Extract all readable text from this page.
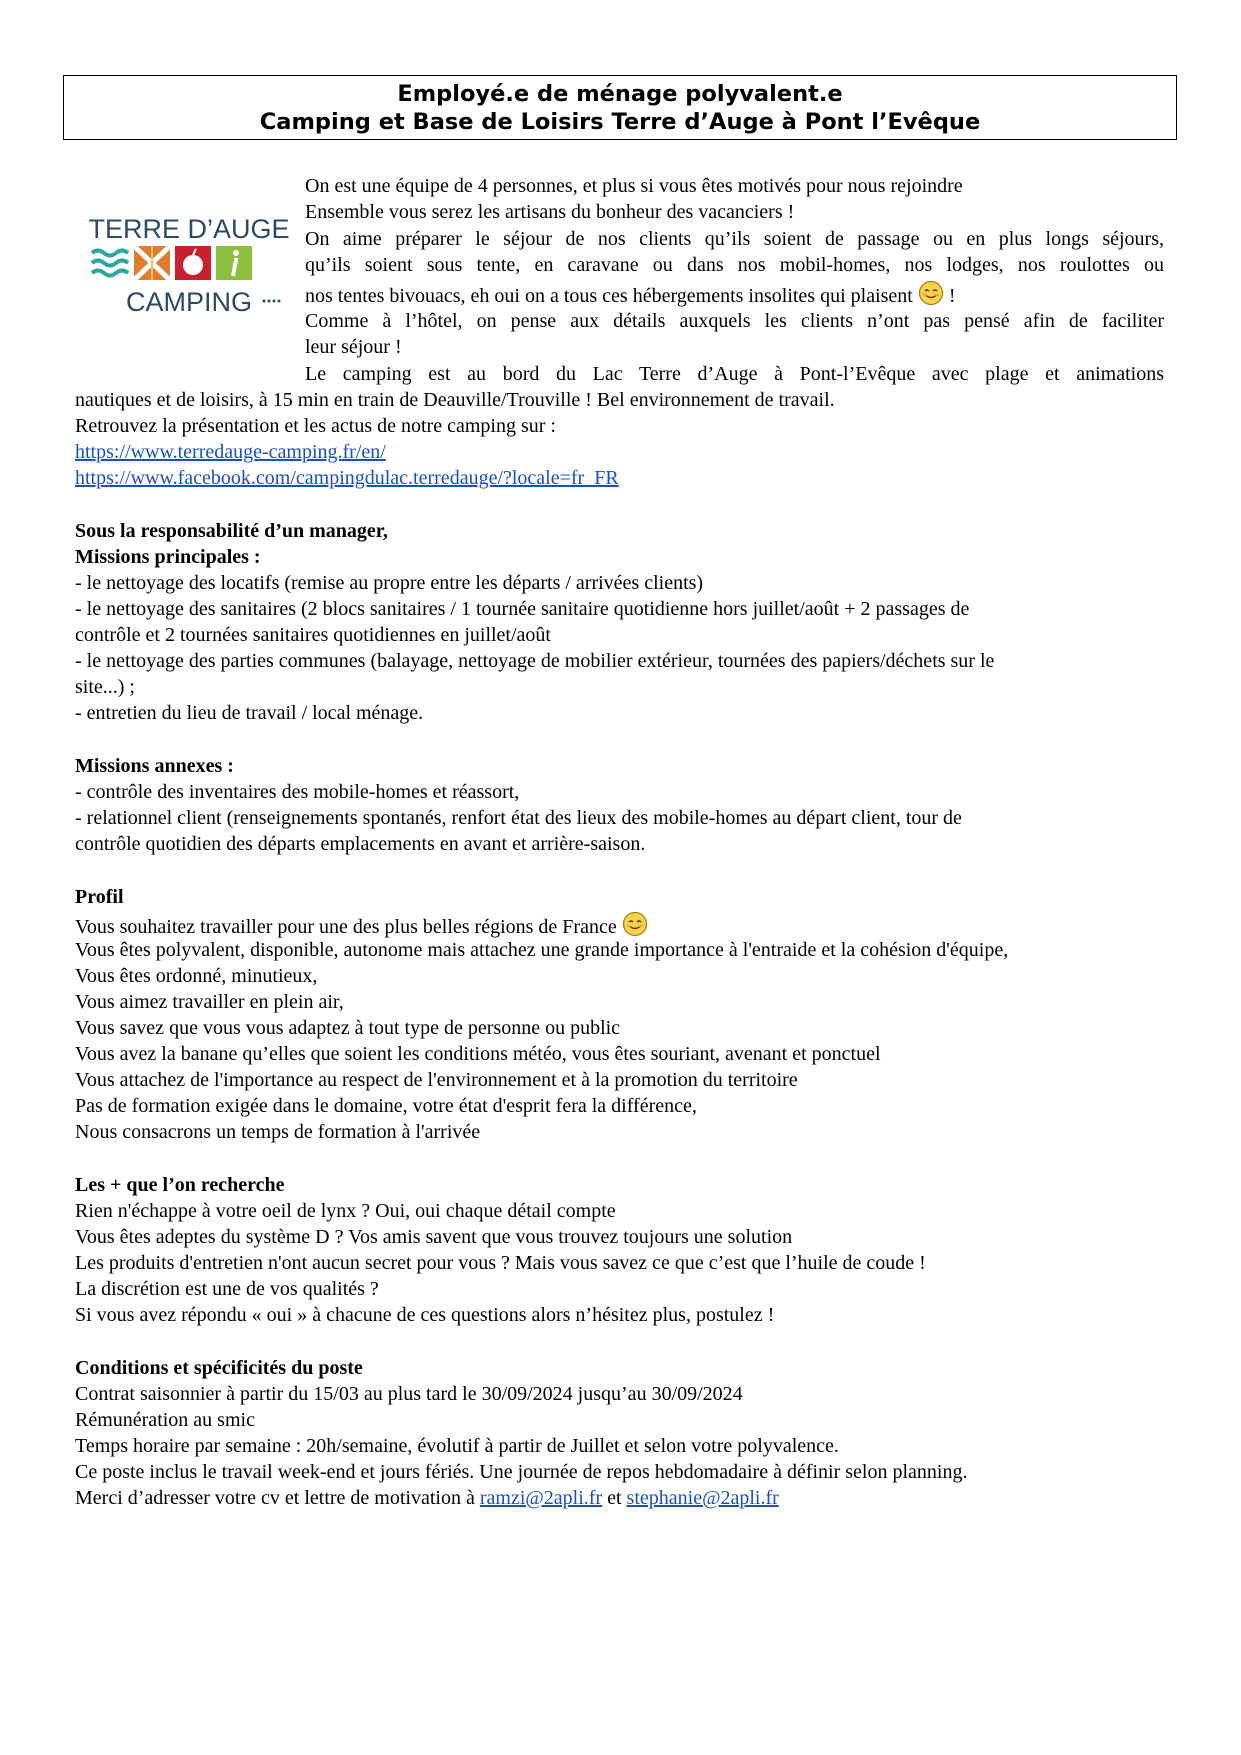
Employé.e de ménage polyvalent.e
Camping et Base de Loisirs Terre d’Auge à Pont l’Evêque
TERRE D’AUGE
CAMPING
On est une équipe de 4 personnes, et plus si vous êtes motivés pour nous rejoindre
Ensemble vous serez les artisans du bonheur des vacanciers !
On aime préparer le séjour de nos clients qu’ils soient de passage ou en plus longs séjours,
qu’ils soient sous tente, en caravane ou dans nos mobil-homes, nos lodges, nos roulottes ou
nos tentes bivouacs, eh oui on a tous ces hébergements insolites qui plaisent !
Comme à l’hôtel, on pense aux détails auxquels les clients n’ont pas pensé afin de faciliter
leur séjour !
Le camping est au bord du Lac Terre d’Auge à Pont-l’Evêque avec plage et animations
nautiques et de loisirs, à 15 min en train de Deauville/Trouville ! Bel environnement de travail.
Retrouvez la présentation et les actus de notre camping sur :
https://www.terredauge-camping.fr/en/
https://www.facebook.com/campingdulac.terredauge/?locale=fr_FR
Sous la responsabilité d’un manager,
Missions principales :
- le nettoyage des locatifs (remise au propre entre les départs / arrivées clients)
- le nettoyage des sanitaires (2 blocs sanitaires / 1 tournée sanitaire quotidienne hors juillet/août + 2 passages de
contrôle et 2 tournées sanitaires quotidiennes en juillet/août
- le nettoyage des parties communes (balayage, nettoyage de mobilier extérieur, tournées des papiers/déchets sur le
site...) ;
- entretien du lieu de travail / local ménage.
Missions annexes :
- contrôle des inventaires des mobile-homes et réassort,
- relationnel client (renseignements spontanés, renfort état des lieux des mobile-homes au départ client, tour de
contrôle quotidien des départs emplacements en avant et arrière-saison.
Profil
Vous souhaitez travailler pour une des plus belles régions de France
Vous êtes polyvalent, disponible, autonome mais attachez une grande importance à l'entraide et la cohésion d'équipe,
Vous êtes ordonné, minutieux,
Vous aimez travailler en plein air,
Vous savez que vous vous adaptez à tout type de personne ou public
Vous avez la banane qu’elles que soient les conditions météo, vous êtes souriant, avenant et ponctuel
Vous attachez de l'importance au respect de l'environnement et à la promotion du territoire
Pas de formation exigée dans le domaine, votre état d'esprit fera la différence,
Nous consacrons un temps de formation à l'arrivée
Les + que l’on recherche
Rien n'échappe à votre oeil de lynx ? Oui, oui chaque détail compte
Vous êtes adeptes du système D ? Vos amis savent que vous trouvez toujours une solution
Les produits d'entretien n'ont aucun secret pour vous ? Mais vous savez ce que c’est que l’huile de coude !
La discrétion est une de vos qualités ?
Si vous avez répondu « oui » à chacune de ces questions alors n’hésitez plus, postulez !
Conditions et spécificités du poste
Contrat saisonnier à partir du 15/03 au plus tard le 30/09/2024 jusqu’au 30/09/2024
Rémunération au smic
Temps horaire par semaine : 20h/semaine, évolutif à partir de Juillet et selon votre polyvalence.
Ce poste inclus le travail week-end et jours fériés. Une journée de repos hebdomadaire à définir selon planning.
Merci d’adresser votre cv et lettre de motivation à ramzi@2apli.fr et stephanie@2apli.fr
